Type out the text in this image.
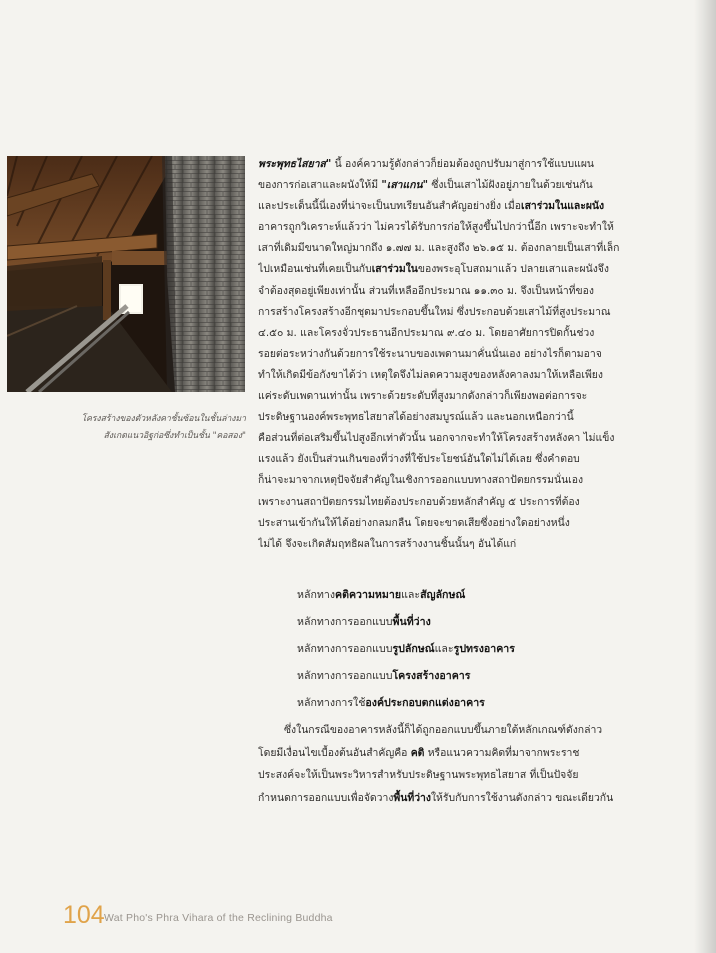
โครงสร้างของตัวหลังคาชั้นซ้อนในชั้นล่างมา

สังเกตแนวอิฐก่อซึ่งทำเป็นชั้น "คอสอง"

พระพุทธไสยาส" นี้ องค์ความรู้ดังกล่าวก็ย่อมต้องถูกปรับมาสู่การใช้แบบแผน

ของการก่อเสาและผนังให้มี "เสาแกน" ซึ่งเป็นเสาไม้ฝังอยู่ภายในด้วยเช่นกัน

และประเด็นนี้นี่เองที่น่าจะเป็นบทเรียนอันสำคัญอย่างยิ่ง เมื่อเสาร่วมในและผนัง

อาคารถูกวิเคราะห์แล้วว่า ไม่ควรได้รับการก่อให้สูงขึ้นไปกว่านี้อีก เพราะจะทำให้

เสาที่เดิมมีขนาดใหญ่มากถึง ๑.๗๗ ม. และสูงถึง ๒๖.๑๕ ม. ต้องกลายเป็นเสาที่เล็ก

ไปเหมือนเช่นที่เคยเป็นกับเสาร่วมในของพระอุโบสถมาแล้ว ปลายเสาและผนังจึง

จำต้องสุดอยู่เพียงเท่านั้น ส่วนที่เหลืออีกประมาณ ๑๑.๓๐ ม. จึงเป็นหน้าที่ของ

การสร้างโครงสร้างอีกชุดมาประกอบขึ้นใหม่ ซึ่งประกอบด้วยเสาไม้ที่สูงประมาณ

๔.๕๐ ม. และโครงจั่วประธานอีกประมาณ ๙.๔๐ ม. โดยอาศัยการปิดกั้นช่วง

รอยต่อระหว่างกันด้วยการใช้ระนาบของเพดานมาคั่นนั่นเอง อย่างไรก็ตามอาจ

ทำให้เกิดมีข้อกังขาได้ว่า เหตุใดจึงไม่ลดความสูงของหลังคาลงมาให้เหลือเพียง

แค่ระดับเพดานเท่านั้น เพราะด้วยระดับที่สูงมากดังกล่าวก็เพียงพอต่อการจะ

ประดิษฐานองค์พระพุทธไสยาสได้อย่างสมบูรณ์แล้ว และนอกเหนือกว่านี้

คือส่วนที่ต่อเสริมขึ้นไปสูงอีกเท่าตัวนั้น นอกจากจะทำให้โครงสร้างหลังคา ไม่แข็ง

แรงแล้ว ยังเป็นส่วนเกินของที่ว่างที่ใช้ประโยชน์อันใดไม่ได้เลย ซึ่งคำตอบ

ก็น่าจะมาจากเหตุปัจจัยสำคัญในเชิงการออกแบบทางสถาปัตยกรรมนั่นเอง

เพราะงานสถาปัตยกรรมไทยต้องประกอบด้วยหลักสำคัญ ๕ ประการที่ต้อง

ประสานเข้ากันให้ได้อย่างกลมกลืน โดยจะขาดเสียซึ่งอย่างใดอย่างหนึ่ง

ไม่ได้ จึงจะเกิดสัมฤทธิผลในการสร้างงานชิ้นนั้นๆ อันได้แก่

หลักทางคติความหมายและสัญลักษณ์

หลักทางการออกแบบพื้นที่ว่าง

หลักทางการออกแบบรูปลักษณ์และรูปทรงอาคาร

หลักทางการออกแบบโครงสร้างอาคาร

หลักทางการใช้องค์ประกอบตกแต่งอาคาร

ซึ่งในกรณีของอาคารหลังนี้ก็ได้ถูกออกแบบขึ้นภายใต้หลักเกณฑ์ดังกล่าว

โดยมีเงื่อนไขเบื้องต้นอันสำคัญคือ คติ หรือแนวความคิดที่มาจากพระราช

ประสงค์จะให้เป็นพระวิหารสำหรับประดิษฐานพระพุทธไสยาส ที่เป็นปัจจัย

กำหนดการออกแบบเพื่อจัดวางพื้นที่ว่างให้รับกับการใช้งานดังกล่าว ขณะเดียวกัน

104 Wat Pho's Phra Vihara of the Reclining Buddha
